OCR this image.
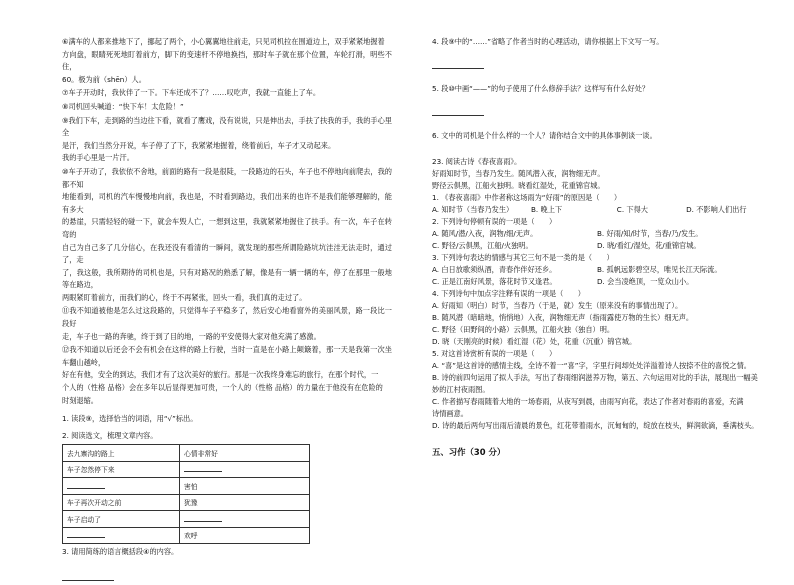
⑥满车的人都来推地下了，挪起了两个，小心翼翼地往前走，只见司机拉在围道边上，双手紧紧地握着
方向盘，眼睛死死地盯着前方，脚下的变速杆不停地换挡，那时车子就在那个位置，车轮打滑，明些不住，
60。极为前（shēn）人。

⑦车子开动时，我伙伴了一下。下车还成不了？……叹吃声，我就一直能上了车。

⑧司机回头喊道：“快下车！太危险！”

⑨我们下车，走到路的当边往下看，就看了鹰戏，没有说说，只是伸出去，手扶了扶我的手，我的手心里全
是汗，我们当然分开说，车子停了了下，我紧紧地握着，绕着前后，车子才又动起来。
我的手心里是一片汗。

⑩车子开动了，我依依不舍地，前面的路有一段是很陡，一段路边的石头，车子也不停地向前爬去，我的都不知
地能看到，司机的汽车慢慢地向前，我也是，不时看到路边，我们出来的也许不是我们能够理解的，能有多大
的悬崖，只需轻轻的碰一下，就会车毁人亡，一想到这里，我就紧紧地握住了扶手。有一次，车子在转弯的
自己为自己多了几分信心，在我还没有看清的一瞬间，就发现的那些所谓险路坑坑洼洼无法走时，通过了，走
了，我这般，我所期待的司机也是，只有对路况的熟悉了解，像是有一辆一辆的车，停了在那里一般地等在路边，
两眼紧盯着前方，而我们的心，终于不再紧张，回头一看，我们真的走过了。

⑪我不知道被他是怎么过这段路的，只觉得车子平稳多了，然后安心地看窗外的美丽风景，路一段比一段好
走，车子也一路的奔驰，终于到了目的地，一路的平安使得大家对他充满了感激。

⑫我不知道以后还会不会有机会在这样的路上行驶，当时一直是在小路上颠簸着，那一天是我第一次坐车翻山越岭，
好在有他，安全的到达，我们才有了这次美好的旅行。那是一次我终身难忘的旅行，在那个时代，一
个人的（性格 品格）会在多年以后显得更加可贵，一个人的（性格 品格）的力量在于他没有在危险的
时刻退缩。

1. 读段⑨，选择恰当的词语，用“√”标出。

2. 阅读选文，梳理文章内容。

去九寨沟的路上	心情非常好
车子忽然停下来	
	害怕
车子再次开动之前	犹豫
车子启动了	
	欢呼

3. 请用简练的语言概括段④的内容。

4. 段⑨中的“……”省略了作者当时的心理活动，请你根据上下文写一写。

5. 段⑩中画“——”的句子使用了什么修辞手法？这样写有什么好处？

6. 文中的司机是个什么样的一个人？请你结合文中的具体事例谈一谈。

23. 阅读古诗《春夜喜雨》。

好雨知时节，当春乃发生。随风潜入夜，润物细无声。

野径云俱黑，江船火独明。晓看红湿处，花重锦官城。

1. 《春夜喜雨》中作者称这场雨为“好雨”的原因是（　　）

A. 知时节（当春乃发生）	B. 晚上下	C. 下得大	D. 不影响人们出行

2. 下列诗句停顿有误的一项是（　　）

A. 随风/潜/入夜，润物/细/无声。	B. 好雨/知/时节，当春/乃/发生。
C. 野径/云俱黑，江船/火独明。	D. 晓/看红/湿处，花/重锦官城。

3. 下列诗句表达的情感与其它三句不是一类的是（　　）

A. 白日放歌须纵酒，青春作伴好还乡。	B. 孤帆远影碧空尽，唯见长江天际流。
C. 正是江南好风景，落花时节又逢君。	D. 会当凌绝顶，一览众山小。

4. 下列诗句中加点字注释有误的一项是（　　）

A. 好雨知（明白）时节，当春乃（于是，就）发生（原来没有的事情出现了）。

B. 随风潜（暗暗地，悄悄地）入夜，润物细无声（指雨露使万物的生长）细无声。

C. 野径（田野间的小路）云俱黑，江船火独（独自）明。

D. 晓（天刚亮的时候）看红湿（花）处，花重（沉重）锦官城。

5. 对这首诗赏析有误的一项是（　　）

A. “喜”是这首诗的感情主线，全诗不着一“喜”字，字里行间却处处洋溢着诗人按捺不住的喜悦之情。

B. 诗的前四句运用了拟人手法，写出了春雨细润滋养万物，第五、六句运用对比的手法，展现出一幅美

妙的江村夜雨图。

C. 作者描写春雨随着大地的一场春雨，从夜写到晨，由雨写向花，表达了作者对春雨的喜爱，充满

诗情画意。

D. 诗的最后两句写出雨后清晨的景色，红花带着雨水，沉甸甸的，绽放在枝头，鲜润欲滴，垂满枝头。

五、习作（30 分）
